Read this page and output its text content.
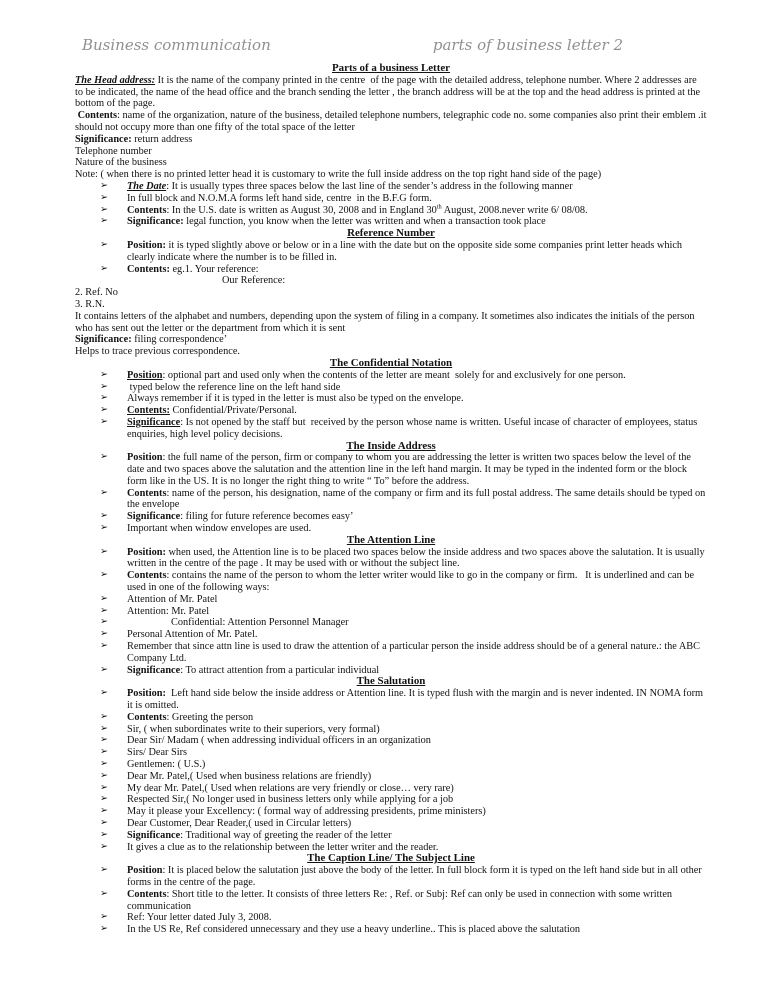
Business communication	parts of business letter 2
Parts of a business Letter
The Head address: It is the name of the company printed in the centre  of the page with the detailed address, telephone number. Where 2 addresses are to be indicated, the name of the head office and the branch sending the letter , the branch address will be at the top and the head address is printed at the bottom of the page.
Contents: name of the organization, nature of the business, detailed telephone numbers, telegraphic code no. some companies also print their emblem .it should not occupy more than one fifty of the total space of the letter
Significance: return address
Telephone number
Nature of the business
Note: ( when there is no printed letter head it is customary to write the full inside address on the top right hand side of the page)
➢	The Date: It is usually types three spaces below the last line of the sender’s address in the following manner
➢	In full block and N.O.M.A forms left hand side, centre  in the B.F.G form.
➢	Contents: In the U.S. date is written as August 30, 2008 and in England 30th August, 2008.never write 6/ 08/08.
➢	Significance: legal function, you know when the letter was written and when a transaction took place
Reference Number
➢	Position: it is typed slightly above or below or in a line with the date but on the opposite side some companies print letter heads which clearly indicate where the number is to be filled in.
➢	Contents: eg.1. Your reference:
Our Reference:
2. Ref. No
3. R.N.
It contains letters of the alphabet and numbers, depending upon the system of filing in a company. It sometimes also indicates the initials of the person who has sent out the letter or the department from which it is sent
Significance: filing correspondence’
Helps to trace previous correspondence.
The Confidential Notation
➢	Position: optional part and used only when the contents of the letter are meant  solely for and exclusively for one person.
➢	typed below the reference line on the left hand side
➢	Always remember if it is typed in the letter is must also be typed on the envelope.
➢	Contents: Confidential/Private/Personal.
➢	Significance: Is not opened by the staff but  received by the person whose name is written. Useful incase of character of employees, status enquiries, high level policy decisions.
The Inside Address
➢	Position: the full name of the person, firm or company to whom you are addressing the letter is written two spaces below the level of the date and two spaces above the salutation and the attention line in the left hand margin. It may be typed in the indented form or the block form like in the US. It is no longer the right thing to write “ To” before the address.
➢	Contents: name of the person, his designation, name of the company or firm and its full postal address. The same details should be typed on the envelope
➢	Significance: filing for future reference becomes easy’
➢	Important when window envelopes are used.
The Attention Line
➢	Position: when used, the Attention line is to be placed two spaces below the inside address and two spaces above the salutation. It is usually written in the centre of the page . It may be used with or without the subject line.
➢	Contents: contains the name of the person to whom the letter writer would like to go in the company or firm.   It is underlined and can be used in one of the following ways:
➢	Attention of Mr. Patel
➢	Attention: Mr. Patel
➢	Confidential: Attention Personnel Manager
➢	Personal Attention of Mr. Patel.
➢	Remember that since attn line is used to draw the attention of a particular person the inside address should be of a general nature.: the ABC Company Ltd.
➢	Significance: To attract attention from a particular individual
The Salutation
➢	Position:  Left hand side below the inside address or Attention line. It is typed flush with the margin and is never indented. IN NOMA form it is omitted.
➢	Contents: Greeting the person
➢	Sir, ( when subordinates write to their superiors, very formal)
➢	Dear Sir/ Madam ( when addressing individual officers in an organization
➢	Sirs/ Dear Sirs
➢	Gentlemen: ( U.S.)
➢	Dear Mr. Patel,( Used when business relations are friendly)
➢	My dear Mr. Patel,( Used when relations are very friendly or close… very rare)
➢	Respected Sir,( No longer used in business letters only while applying for a job
➢	May it please your Excellency: ( formal way of addressing presidents, prime ministers)
➢	Dear Customer, Dear Reader,( used in Circular letters)
➢	Significance: Traditional way of greeting the reader of the letter
➢	It gives a clue as to the relationship between the letter writer and the reader.
The Caption Line/ The Subject Line
➢	Position: It is placed below the salutation just above the body of the letter. In full block form it is typed on the left hand side but in all other forms in the centre of the page.
➢	Contents: Short title to the letter. It consists of three letters Re: , Ref. or Subj: Ref can only be used in connection with some written communication
➢	Ref: Your letter dated July 3, 2008.
➢	In the US Re, Ref considered unnecessary and they use a heavy underline.. This is placed above the salutation
